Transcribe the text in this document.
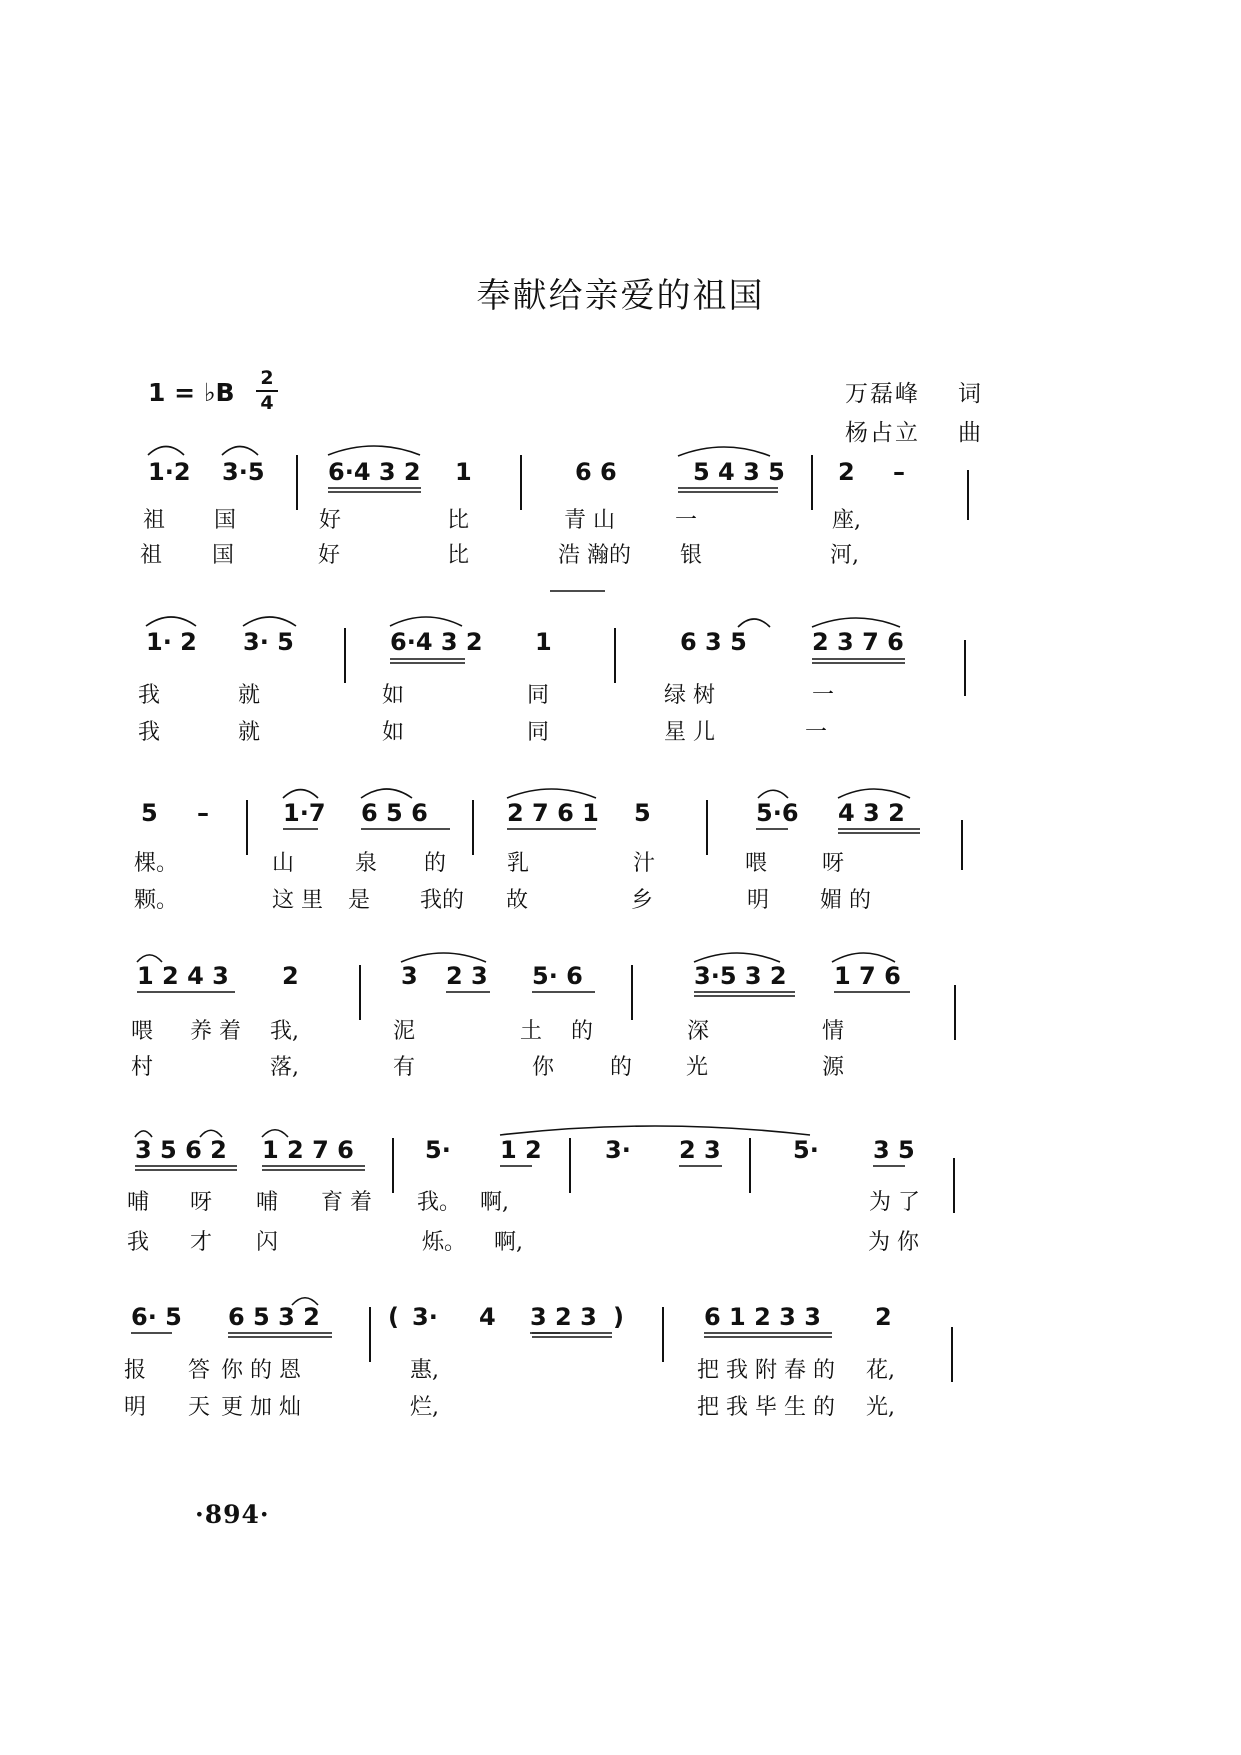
奉献给亲爱的祖国
1 = ♭B 2
4	万磊峰 词
杨占立 曲
1·2 3·5	6·4 3 2 1	6 6	5 4 3 5 2 –
1· 2 3· 5	6·4 3 2 1	6 3 5	2 3 7 6
5 –	1·7 6 5 6	2 7 6 1 5	5·6 4 3 2
1 2 4 3 2	3 2 3 5· 6	3·5 3 2 1 7 6
3 5 6 2 1 2 7 6	5· 1 2	3· 2 3	5· 3 5
6· 5 6 5 3 2	( 3· 4 3 2 3 )	6 1 2 3 3 2
祖 国	好	比	青 山	一	座,
祖 国	好	比	浩 瀚的 银	河,
我	就	如	同	绿 树	一
我	就	如	同	星 儿	一
棵。	山	泉 的	乳	汁	喂 呀
颗。	这 里 是 我的 故	乡	明 媚 的
喂 养 着 我,	泥	土 的	深	情
村	落,	有	你	的 光	源
哺 呀 哺 育 着 我。 啊,	为 了
我 才 闪	烁。 啊,	为 你
报 答 你 的 恩	惠,	把 我 附 春 的 花,
明 天 更 加 灿	烂,	把 我 毕 生 的 光,
·894·
